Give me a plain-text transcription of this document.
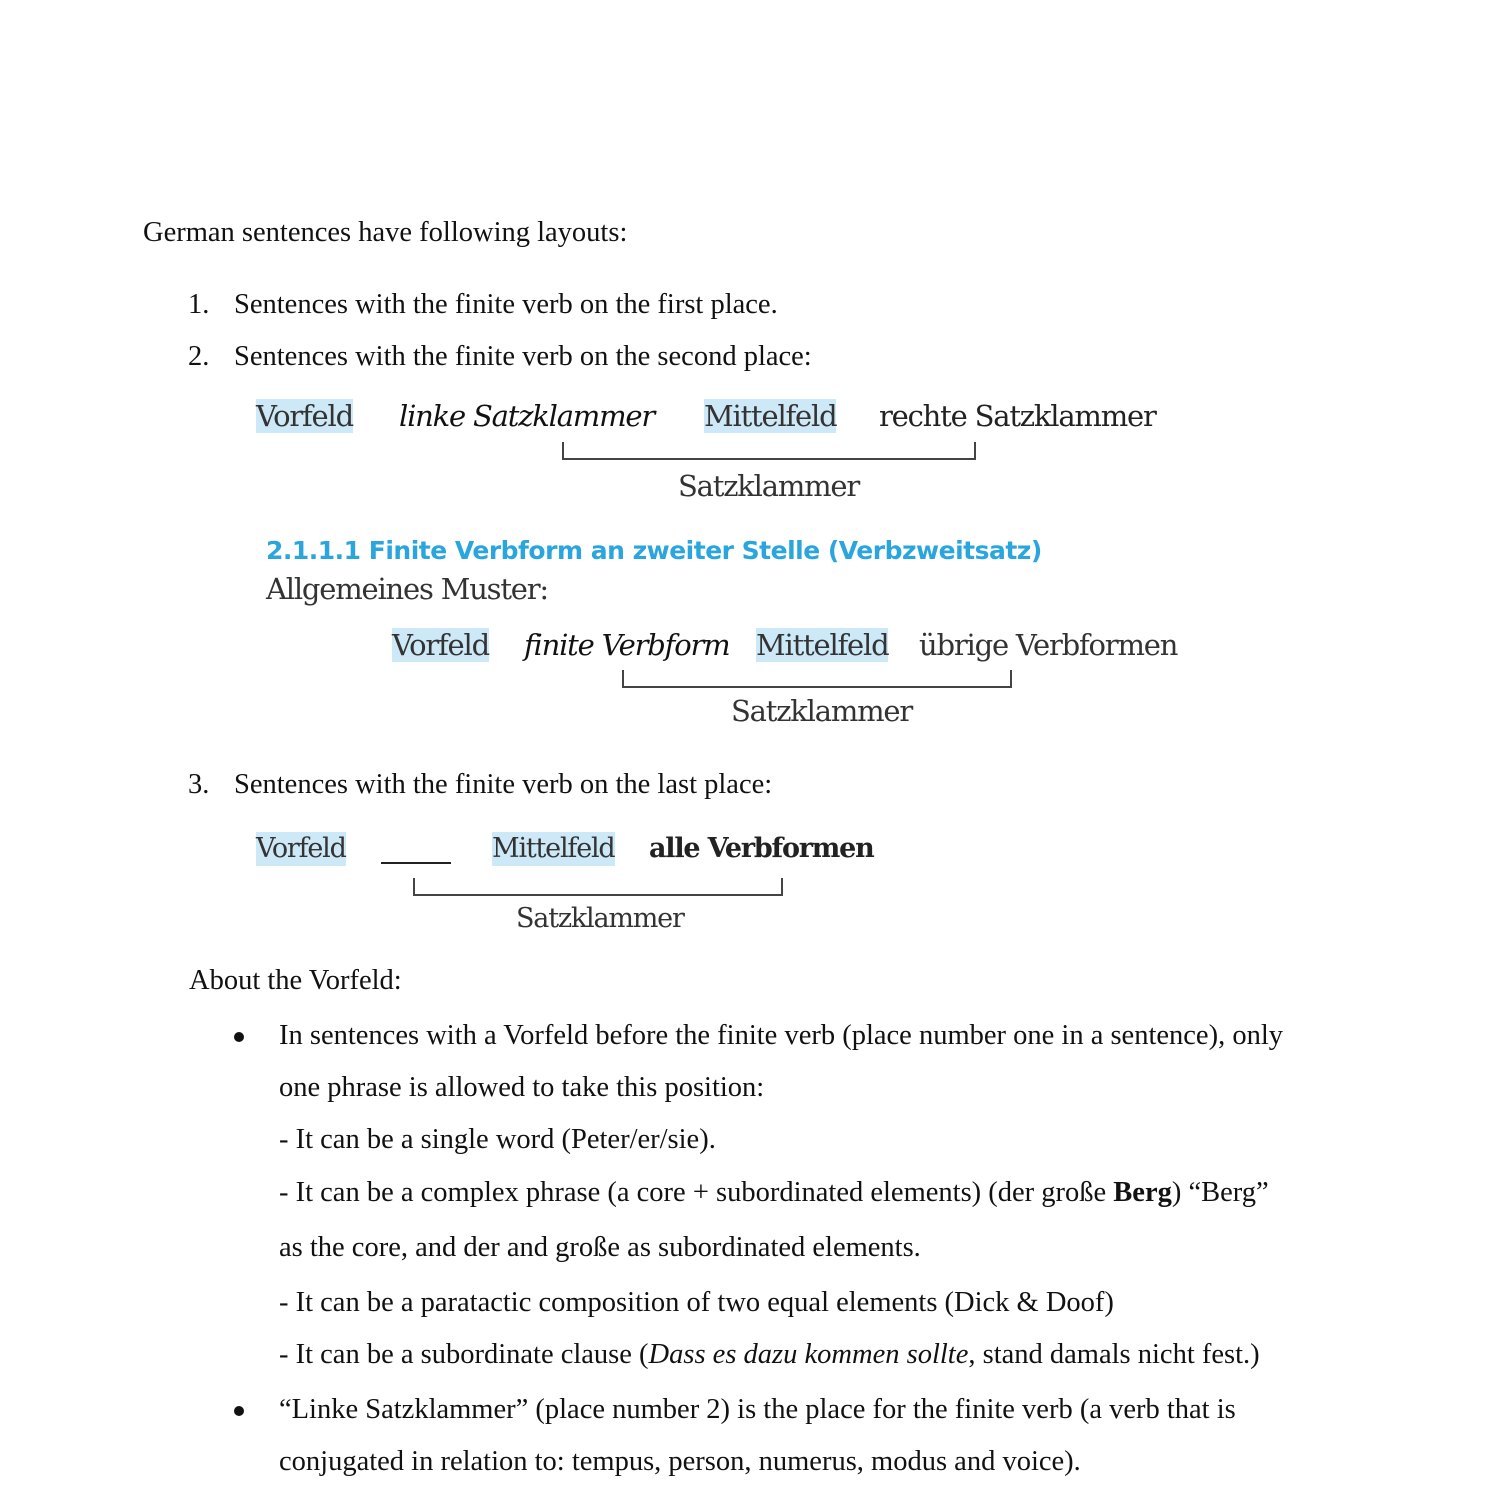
German sentences have following layouts:
1. Sentences with the finite verb on the first place.
2. Sentences with the finite verb on the second place:
Vorfeld linke Satzklammer Mittelfeld rechte Satzklammer
Satzklammer
2.1.1.1 Finite Verbform an zweiter Stelle (Verbzweitsatz)
Allgemeines Muster:
Vorfeld finite Verbform Mittelfeld übrige Verbformen
Satzklammer
3. Sentences with the finite verb on the last place:
Vorfeld	Mittelfeld alle Verbformen
Satzklammer
About the Vorfeld:
In sentences with a Vorfeld before the finite verb (place number one in a sentence), only
one phrase is allowed to take this position:
- It can be a single word (Peter/er/sie).
- It can be a complex phrase (a core + subordinated elements) (der große Berg) “Berg”
as the core, and der and große as subordinated elements.
- It can be a paratactic composition of two equal elements (Dick & Doof)
- It can be a subordinate clause (Dass es dazu kommen sollte, stand damals nicht fest.)
“Linke Satzklammer” (place number 2) is the place for the finite verb (a verb that is
conjugated in relation to: tempus, person, numerus, modus and voice).
